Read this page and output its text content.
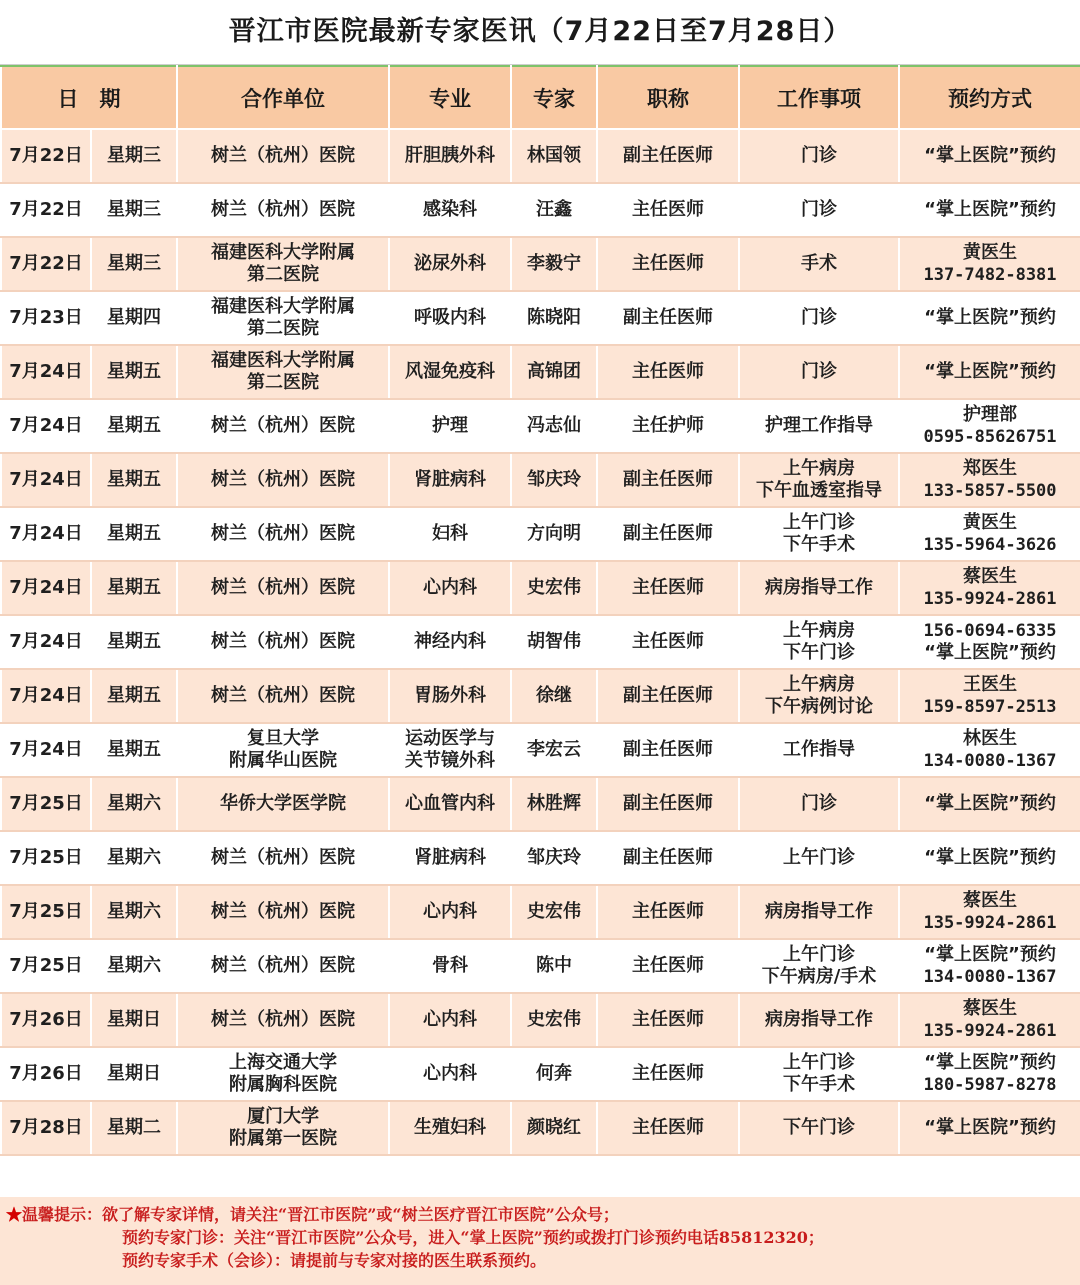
晋江市医院最新专家医讯（7月22日至7月28日）
日　期		合作单位	专业	专家	职称	工作事项	预约方式

7月22日	星期三	树兰（杭州）医院	肝胆胰外科	林国领	副主任医师	门诊	“掌上医院”预约

7月22日	星期三	树兰（杭州）医院	感染科	汪鑫	主任医师	门诊	“掌上医院”预约

7月22日	星期三	福建医科大学附属
第二医院	泌尿外科	李毅宁	主任医师	手术	黄医生
137-7482-8381

7月23日	星期四	福建医科大学附属
第二医院	呼吸内科	陈晓阳	副主任医师	门诊	“掌上医院”预约

7月24日	星期五	福建医科大学附属
第二医院	风湿免疫科	高锦团	主任医师	门诊	“掌上医院”预约

7月24日	星期五	树兰（杭州）医院	护理	冯志仙	主任护师	护理工作指导	护理部
0595-85626751

7月24日	星期五	树兰（杭州）医院	肾脏病科	邹庆玲	副主任医师	上午病房
下午血透室指导	郑医生
133-5857-5500

7月24日	星期五	树兰（杭州）医院	妇科	方向明	副主任医师	上午门诊
下午手术	黄医生
135-5964-3626

7月24日	星期五	树兰（杭州）医院	心内科	史宏伟	主任医师	病房指导工作	蔡医生
135-9924-2861

7月24日	星期五	树兰（杭州）医院	神经内科	胡智伟	主任医师	上午病房
下午门诊	156-0694-6335
“掌上医院”预约

7月24日	星期五	树兰（杭州）医院	胃肠外科	徐继	副主任医师	上午病房
下午病例讨论	王医生
159-8597-2513

7月24日	星期五	复旦大学
附属华山医院	运动医学与
关节镜外科	李宏云	副主任医师	工作指导	林医生
134-0080-1367

7月25日	星期六	华侨大学医学院	心血管内科	林胜辉	副主任医师	门诊	“掌上医院”预约

7月25日	星期六	树兰（杭州）医院	肾脏病科	邹庆玲	副主任医师	上午门诊	“掌上医院”预约

7月25日	星期六	树兰（杭州）医院	心内科	史宏伟	主任医师	病房指导工作	蔡医生
135-9924-2861

7月25日	星期六	树兰（杭州）医院	骨科	陈中	主任医师	上午门诊
下午病房/手术	“掌上医院”预约
134-0080-1367

7月26日	星期日	树兰（杭州）医院	心内科	史宏伟	主任医师	病房指导工作	蔡医生
135-9924-2861

7月26日	星期日	上海交通大学
附属胸科医院	心内科	何奔	主任医师	上午门诊
下午手术	“掌上医院”预约
180-5987-8278

7月28日	星期二	厦门大学
附属第一医院	生殖妇科	颜晓红	主任医师	下午门诊	“掌上医院”预约
★温馨提示：欲了解专家详情，请关注“晋江市医院”或“树兰医疗晋江市医院”公众号；
预约专家门诊：关注“晋江市医院”公众号，进入“掌上医院”预约或拨打门诊预约电话85812320；
预约专家手术（会诊）：请提前与专家对接的医生联系预约。
